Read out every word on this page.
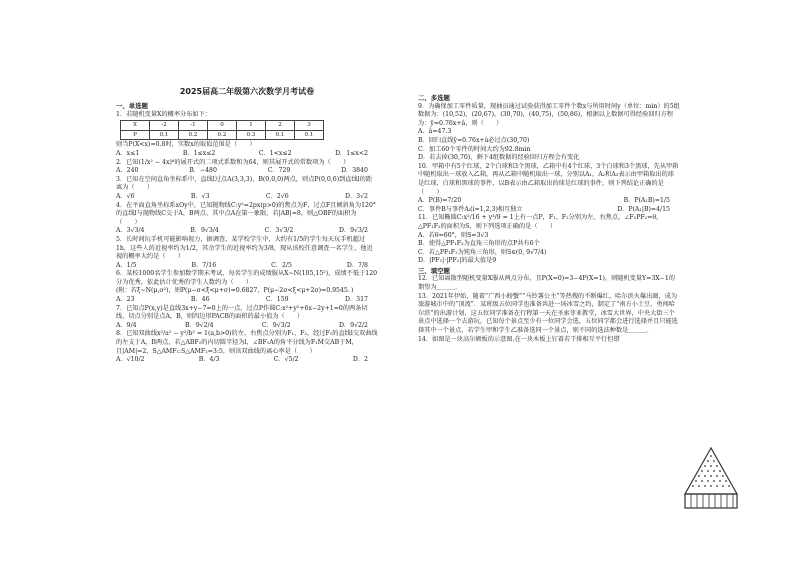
2025届高二年级第六次数学月考试卷
一、单选题

1．若随机变量X的概率分布如下：

X	-2	-1	0	1	2	3
P	0.1	0.2	0.2	0.3	0.1	0.1

则当P(X<x)=0.8时，实数x的取值范围是（　　）

A．x≤1	B．1≤x≤2	C．1<x≤2	D．1≤x<2

2．已知(1/x² − 4x)⁶的展开式的二项式系数和为64，则其展开式的常数项为（　　）

A．240	B．−480	C．729	D．3840

3．已知在空间直角坐标系中，直线l过点A(3,3,3)，B(0,0,0)两点，则点P(0,0,6)到直线l的距离为（　　）

A．√6	B．√3	C．2√6	D．3√2

4．在平面直角坐标系xOy中，已知抛物线C:y²=2px(p>0)的焦点为F，过点F且倾斜角为120°的直线l与抛物线C交于A，B两点，其中点A在第一象限，若|AB|=8，则△OBF的面积为（　　）

A．3√3/4	B．9√3/4	C．3√3/2	D．9√3/2

5．长时间玩手机可能影响视力，据调查，某学校学生中，大约有1/5的学生每天玩手机超过1h，这些人的近视率约为1/2，其余学生的近视率约为3/8，现从该校任意调查一名学生，他近视的概率大约是（　　）

A．1/5	B．7/16	C．2/5	D．7/8

6．某校1000名学生参加数学期末考试，每名学生的成绩服从X~N(105,15²)，成绩不低于120分为优秀，依此估计优秀的学生人数约为（　　）

(附：若ξ~N(μ,σ²)，则P(μ−σ<ξ<μ+σ)=0.6827，P(μ−2σ<ξ<μ+2σ)=0.9545．)

A．23	B．46	C．159	D．317

7．已知点P(x,y)是直线3x+y−7=0上的一点，过点P作圆C:x²+y²+6x−2y+1=0的两条切线，切点分别是点A，B，则四边形PACB的面积的最小值为（　　）

A．9/4	B．9√2/4	C．9√3/2	D．9√2/2

8．已知双曲线x²/a² − y²/b² = 1(a,b>0)的左、右焦点分别为F₁、F₂，经过F₁的直线l交双曲线的左支于A，B两点，若△ABF₂的内切圆半径为l，∠BF₁A的角平分线为F₁M交AB于M，且|AM|=2，S△AMF₁:S△AMF₂=3:5，则该双曲线的离心率是（　　）

A．√10/2	B．4/3	C．√5/2	D．2
二、多选题

9．为确保加工零件质量，现抽员通过试验获得加工零件个数x与所用时间y（单位：min）的5组数据为：(10,52)，(20,67)，(30,70)，(40,75)，(50,86)，根据以上数据可得经验回归方程为：ŷ=0.76x+â，则（　　）

A．â=47.3

B．回归直线ŷ=0.76x+â必过点(30,70)

C．加工60个零件的时间大约为92.8min

D．若去掉(30,70)，剩下4组数据的经验回归方程会有变化

10．甲箱中有5个红球，2个白球和3个黑球，乙箱中有4个红球，3个白球和3个黑球，先从甲箱中随机取出一球放入乙箱，再从乙箱中随机取出一球，分别以A₁，A₂和A₃表示由甲箱取出的球是红球，白球和黑球的事件，以B表示由乙箱取出的球是红球的事件，则下列结论正确的是（　　）

A．P(B)=7/20	B．P(A₁B)=1/5
C．事件B与事件Aᵢ(i=1,2,3)相互独立	D．P(A₁|B)=4/15

11．已知椭圆C:x²/16 + y²/9 = 1上有一点P，F₁、F₂分别为左、右焦点，∠F₁PF₂=θ，△PF₁F₂的面积为S，则下列选项正确的是（　　）

A．若θ=60°，则S=3√3

B．使得△PF₁F₂为直角三角形的点P共有6个

C．若△PF₁F₂为钝角三角形，则S∈(0, 9√7/4)

D．|PF₁|·|PF₂|的最大值是9

三、填空题

12．已知离散型随机变量X服从两点分布，且P(X=0)=3−4P(X=1)，则随机变量Y=3X−1的期望为＿＿＿．

13．2021年伊始，随着“广西小螃蟹”“马铃薯公主”等热搜的不断爆红，哈尔滨火爆出圈，成为旅游城市中的“顶流”．某班级五位同学也准备共赴一场冰雪之约，制定了“南方小土豆，勇闯哈尔滨”的出游计划，这五位同学准备在行程第一天在圣索菲亚教堂，冰雪大世界，中央大街三个景点中选择一个去游玩，已知每个景点至少有一位同学会选，五位同学都会进行选择并且只能选择其中一个景点，若学生甲和学生乙准备选同一个景点，则不同的选法种数是＿＿＿．

14．如图是一块高尔顿板的示意图.在一块木板上钉着若干排相互平行但错
